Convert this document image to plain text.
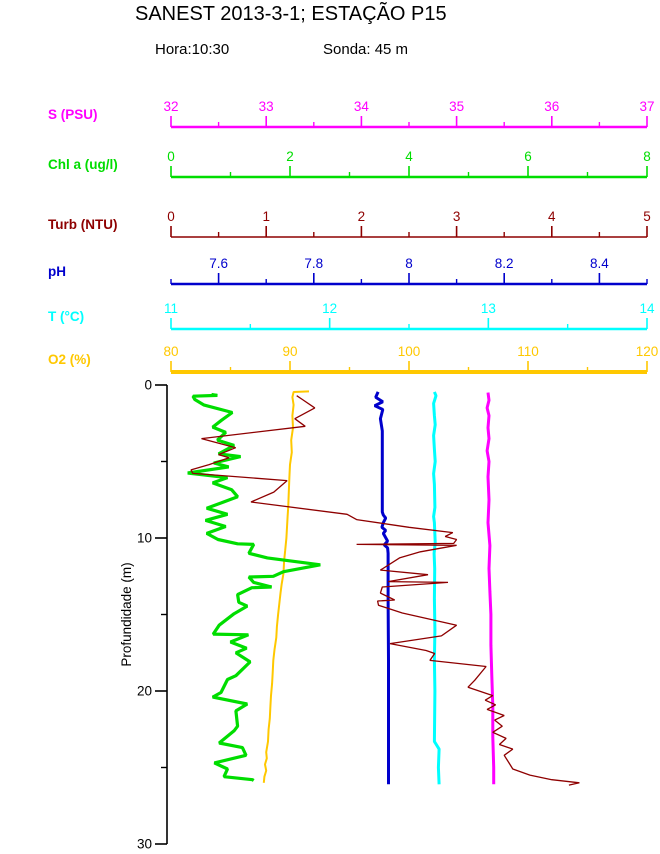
SANEST 2013-3-1; ESTAÇÃO P15
Hora:10:30	Sonda: 45 m
32	33	34	35	36	37
S (PSU)
0	2	4	6	8
Chl a (ug/l)
0	1	2	3	4	5
Turb (NTU)
7.6	7.8	8	8.2	8.4
pH
11	12	13	14
T (°C)
80	90	100	110	120
O2 (%)
0
10
20
30
Profundidade (m)
